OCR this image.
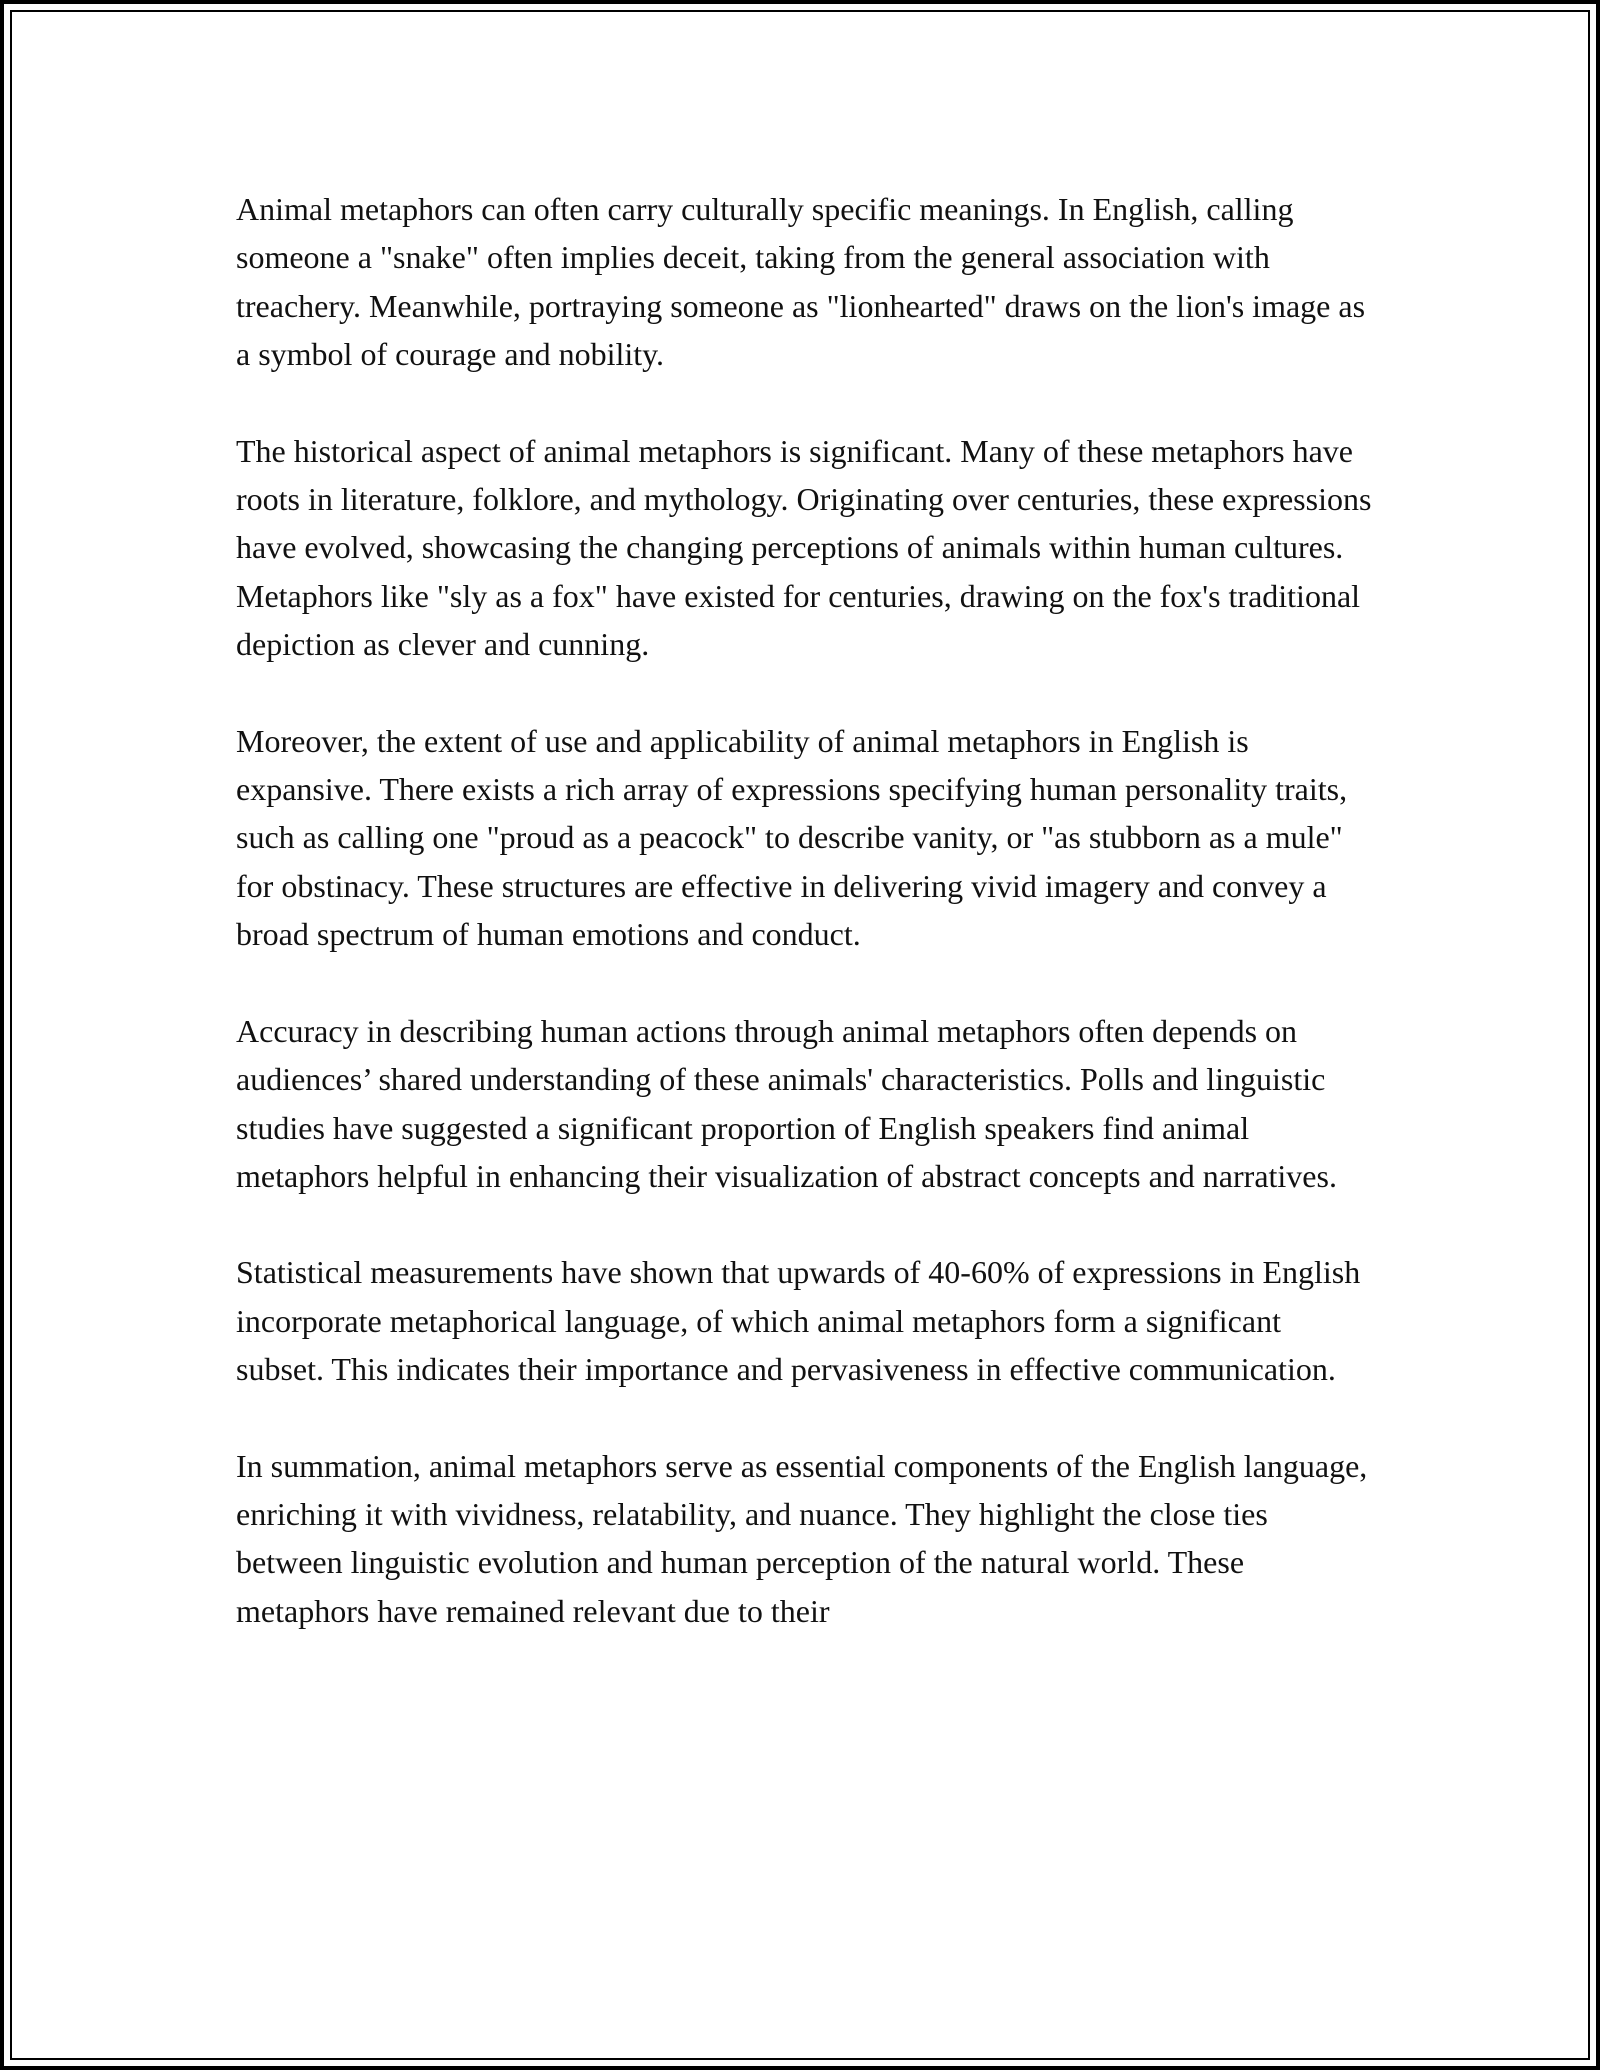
Animal metaphors can often carry culturally specific meanings. In English, calling someone a "snake" often implies deceit, taking from the general association with treachery. Meanwhile, portraying someone as "lionhearted" draws on the lion's image as a symbol of courage and nobility.

The historical aspect of animal metaphors is significant. Many of these metaphors have roots in literature, folklore, and mythology. Originating over centuries, these expressions have evolved, showcasing the changing perceptions of animals within human cultures. Metaphors like "sly as a fox" have existed for centuries, drawing on the fox's traditional depiction as clever and cunning.

Moreover, the extent of use and applicability of animal metaphors in English is expansive. There exists a rich array of expressions specifying human personality traits, such as calling one "proud as a peacock" to describe vanity, or "as stubborn as a mule" for obstinacy. These structures are effective in delivering vivid imagery and convey a broad spectrum of human emotions and conduct.

Accuracy in describing human actions through animal metaphors often depends on audiences’ shared understanding of these animals' characteristics. Polls and linguistic studies have suggested a significant proportion of English speakers find animal metaphors helpful in enhancing their visualization of abstract concepts and narratives.

Statistical measurements have shown that upwards of 40-60% of expressions in English incorporate metaphorical language, of which animal metaphors form a significant subset. This indicates their importance and pervasiveness in effective communication.

In summation, animal metaphors serve as essential components of the English language, enriching it with vividness, relatability, and nuance. They highlight the close ties between linguistic evolution and human perception of the natural world. These metaphors have remained relevant due to their
